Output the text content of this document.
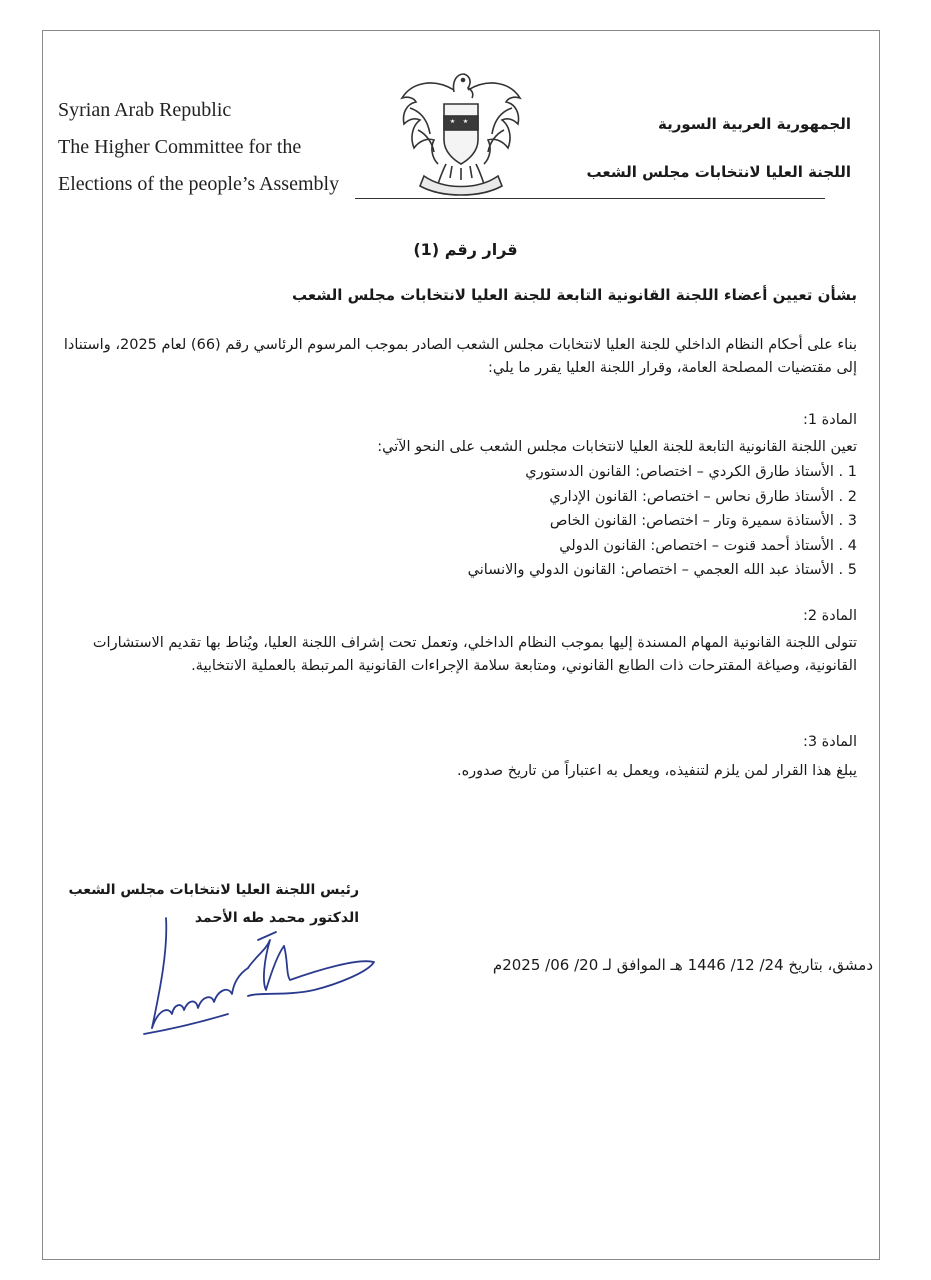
Syrian Arab Republic
The Higher Committee for the
Elections of the people’s Assembly
الجمهورية العربية السورية
اللجنة العليا لانتخابات مجلس الشعب
قرار رقم (1)
بشأن تعيين أعضاء اللجنة القانونية التابعة للجنة العليا لانتخابات مجلس الشعب
بناء على أحكام النظام الداخلي للجنة العليا لانتخابات مجلس الشعب الصادر بموجب المرسوم الرئاسي رقم (66) لعام 2025، واستنادا إلى مقتضيات المصلحة العامة، وقرار اللجنة العليا يقرر ما يلي:
المادة 1:
تعين اللجنة القانونية التابعة للجنة العليا لانتخابات مجلس الشعب على النحو الآتي:
1 . الأستاذ طارق الكردي – اختصاص: القانون الدستوري
2 . الأستاذ طارق نحاس – اختصاص: القانون الإداري
3 . الأستاذة سميرة وتار – اختصاص: القانون الخاص
4 . الأستاذ أحمد قنوت – اختصاص: القانون الدولي
5 . الأستاذ عبد الله العجمي – اختصاص: القانون الدولي والانساني
المادة 2:
تتولى اللجنة القانونية المهام المسندة إليها بموجب النظام الداخلي، وتعمل تحت إشراف اللجنة العليا، ويُناط بها تقديم الاستشارات القانونية، وصياغة المقترحات ذات الطابع القانوني، ومتابعة سلامة الإجراءات القانونية المرتبطة بالعملية الانتخابية.
المادة 3:
يبلغ هذا القرار لمن يلزم لتنفيذه، ويعمل به اعتباراً من تاريخ صدوره.
رئيس اللجنة العليا لانتخابات مجلس الشعب
الدكتور محمد طه الأحمد
دمشق، بتاريخ 24/ 12/ 1446 هـ الموافق لـ 20/ 06/ 2025م
